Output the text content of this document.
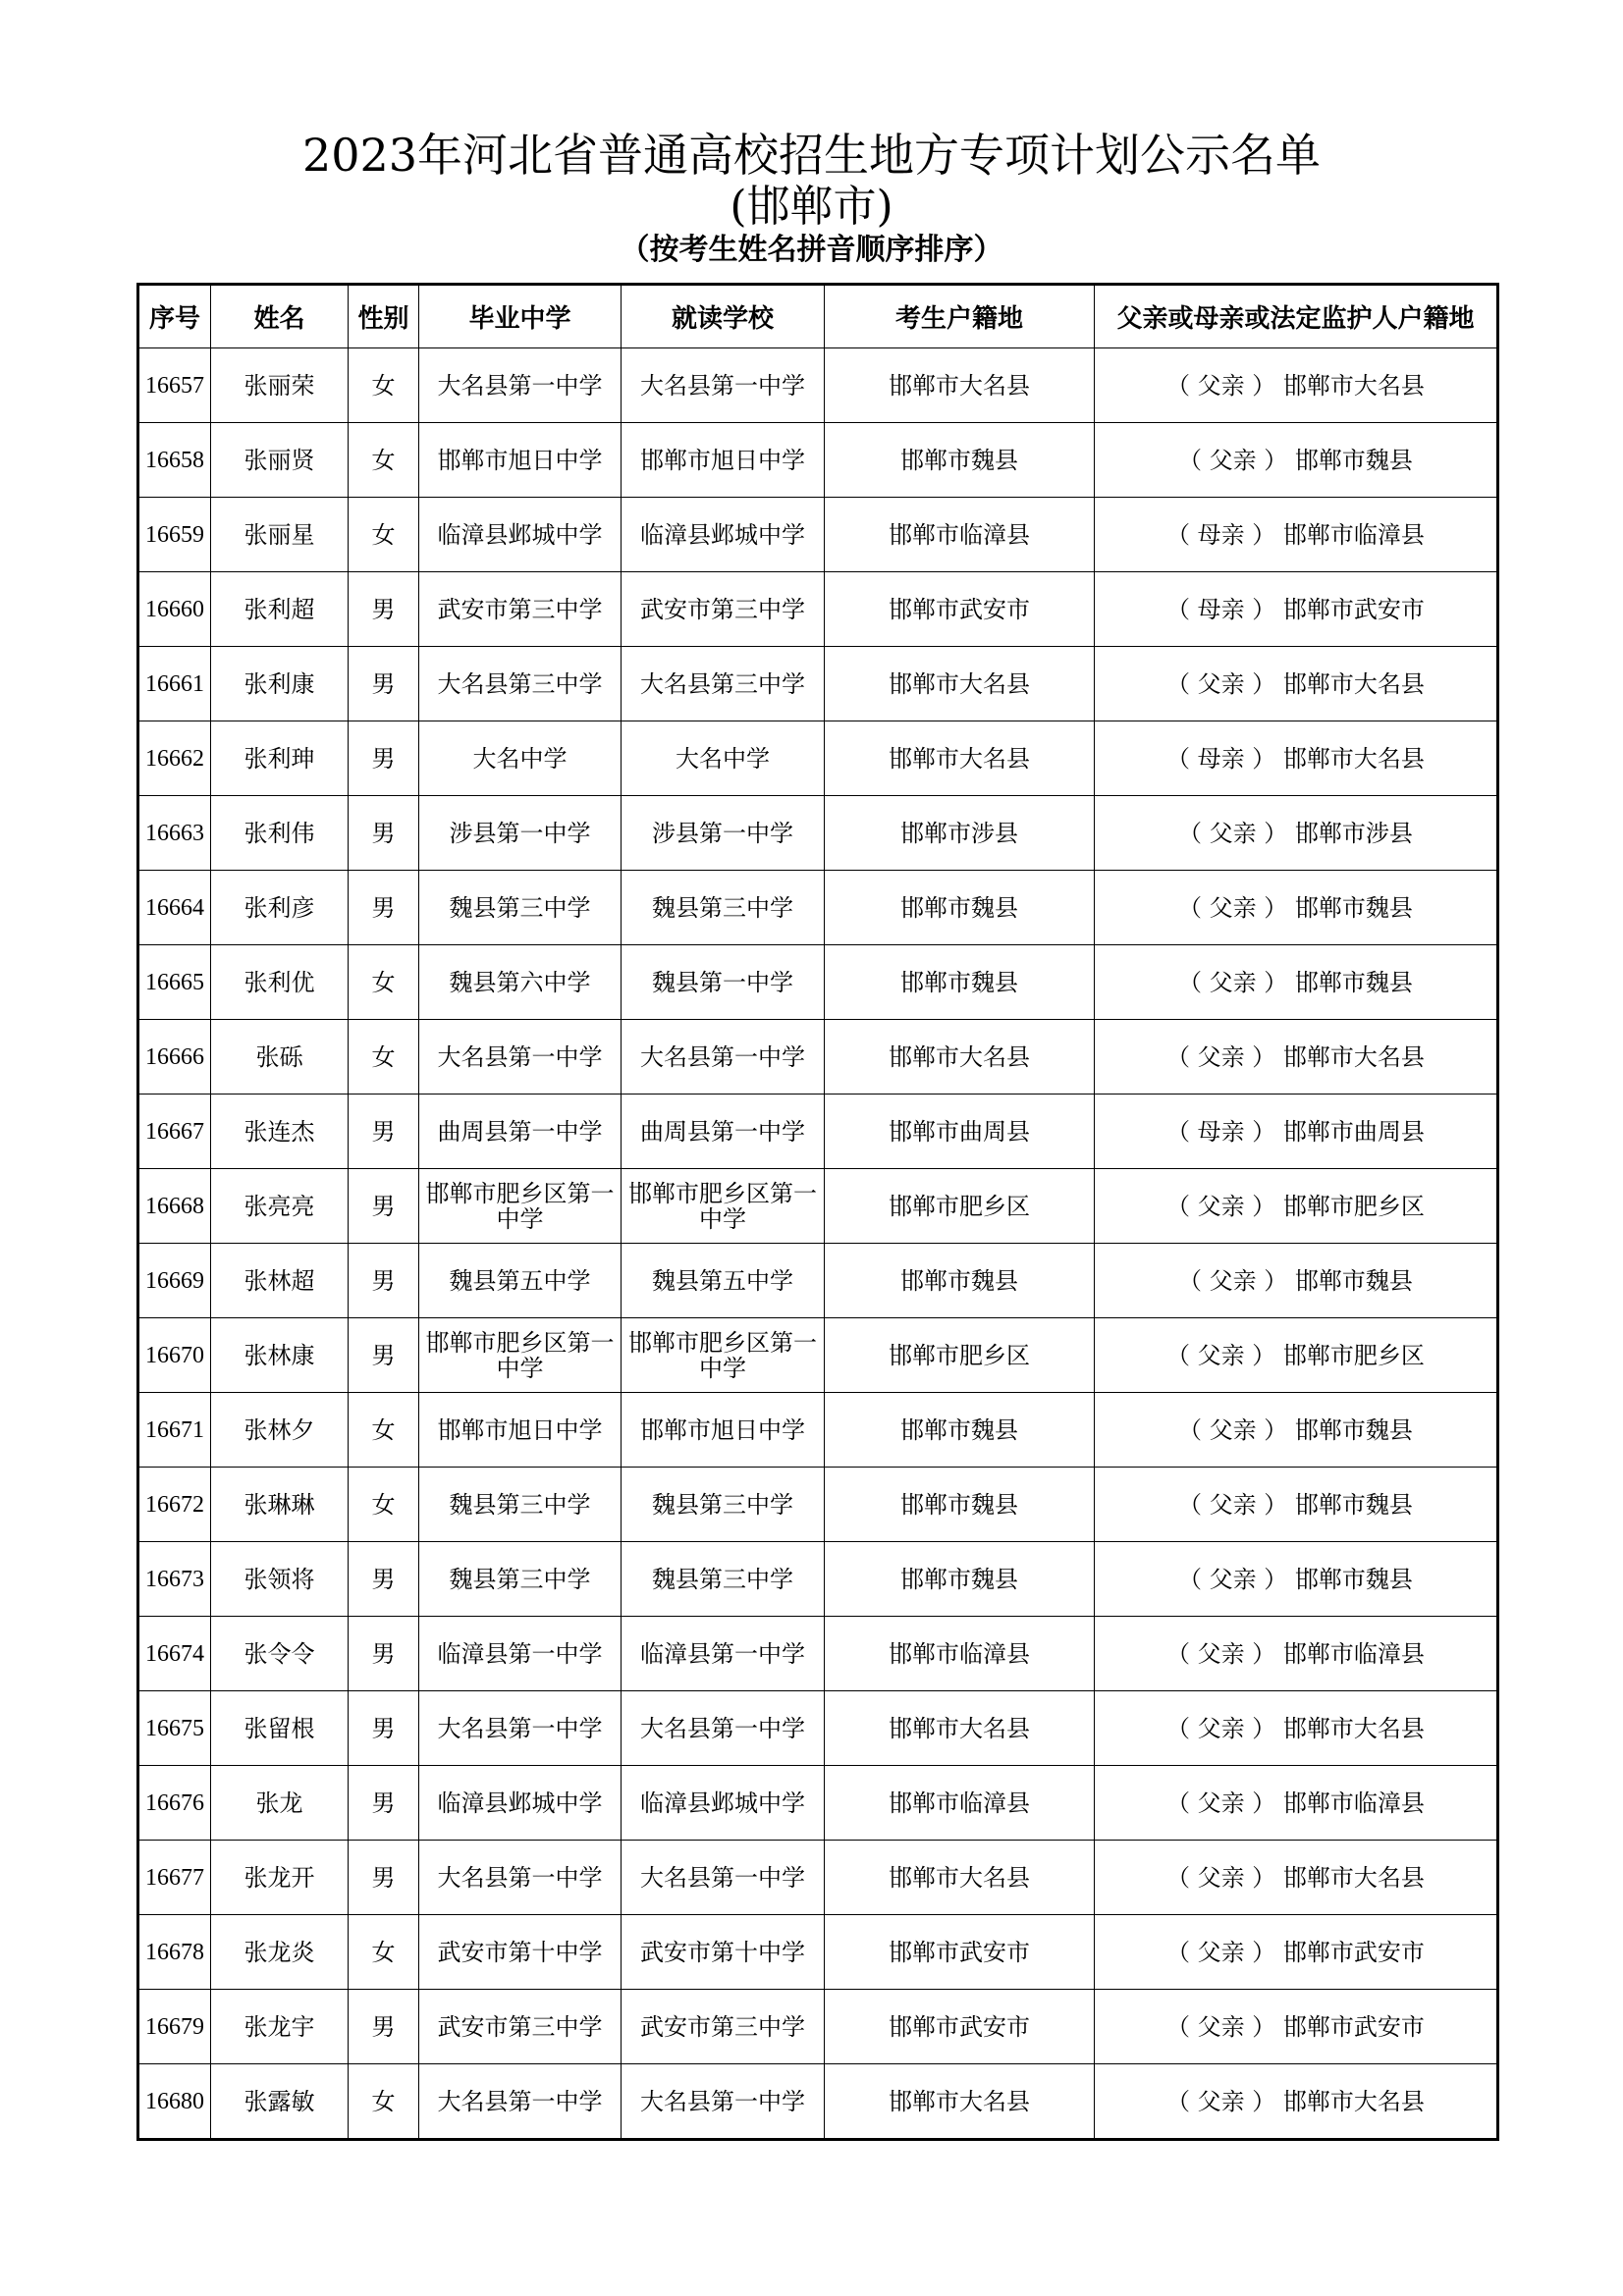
2023年河北省普通高校招生地方专项计划公示名单
(邯郸市)
（按考生姓名拼音顺序排序）
序号	姓名	性别	毕业中学	就读学校	考生户籍地	父亲或母亲或法定监护人户籍地
16657	张丽荣	女	大名县第一中学	大名县第一中学	邯郸市大名县	（ 父亲 ） 邯郸市大名县
16658	张丽贤	女	邯郸市旭日中学	邯郸市旭日中学	邯郸市魏县	（ 父亲 ） 邯郸市魏县
16659	张丽星	女	临漳县邺城中学	临漳县邺城中学	邯郸市临漳县	（ 母亲 ） 邯郸市临漳县
16660	张利超	男	武安市第三中学	武安市第三中学	邯郸市武安市	（ 母亲 ） 邯郸市武安市
16661	张利康	男	大名县第三中学	大名县第三中学	邯郸市大名县	（ 父亲 ） 邯郸市大名县
16662	张利珅	男	大名中学	大名中学	邯郸市大名县	（ 母亲 ） 邯郸市大名县
16663	张利伟	男	涉县第一中学	涉县第一中学	邯郸市涉县	（ 父亲 ） 邯郸市涉县
16664	张利彦	男	魏县第三中学	魏县第三中学	邯郸市魏县	（ 父亲 ） 邯郸市魏县
16665	张利优	女	魏县第六中学	魏县第一中学	邯郸市魏县	（ 父亲 ） 邯郸市魏县
16666	张砾	女	大名县第一中学	大名县第一中学	邯郸市大名县	（ 父亲 ） 邯郸市大名县
16667	张连杰	男	曲周县第一中学	曲周县第一中学	邯郸市曲周县	（ 母亲 ） 邯郸市曲周县
16668	张亮亮	男	邯郸市肥乡区第一中学	邯郸市肥乡区第一中学	邯郸市肥乡区	（ 父亲 ） 邯郸市肥乡区
16669	张林超	男	魏县第五中学	魏县第五中学	邯郸市魏县	（ 父亲 ） 邯郸市魏县
16670	张林康	男	邯郸市肥乡区第一中学	邯郸市肥乡区第一中学	邯郸市肥乡区	（ 父亲 ） 邯郸市肥乡区
16671	张林夕	女	邯郸市旭日中学	邯郸市旭日中学	邯郸市魏县	（ 父亲 ） 邯郸市魏县
16672	张琳琳	女	魏县第三中学	魏县第三中学	邯郸市魏县	（ 父亲 ） 邯郸市魏县
16673	张领将	男	魏县第三中学	魏县第三中学	邯郸市魏县	（ 父亲 ） 邯郸市魏县
16674	张令令	男	临漳县第一中学	临漳县第一中学	邯郸市临漳县	（ 父亲 ） 邯郸市临漳县
16675	张留根	男	大名县第一中学	大名县第一中学	邯郸市大名县	（ 父亲 ） 邯郸市大名县
16676	张龙	男	临漳县邺城中学	临漳县邺城中学	邯郸市临漳县	（ 父亲 ） 邯郸市临漳县
16677	张龙开	男	大名县第一中学	大名县第一中学	邯郸市大名县	（ 父亲 ） 邯郸市大名县
16678	张龙炎	女	武安市第十中学	武安市第十中学	邯郸市武安市	（ 父亲 ） 邯郸市武安市
16679	张龙宇	男	武安市第三中学	武安市第三中学	邯郸市武安市	（ 父亲 ） 邯郸市武安市
16680	张露敏	女	大名县第一中学	大名县第一中学	邯郸市大名县	（ 父亲 ） 邯郸市大名县
